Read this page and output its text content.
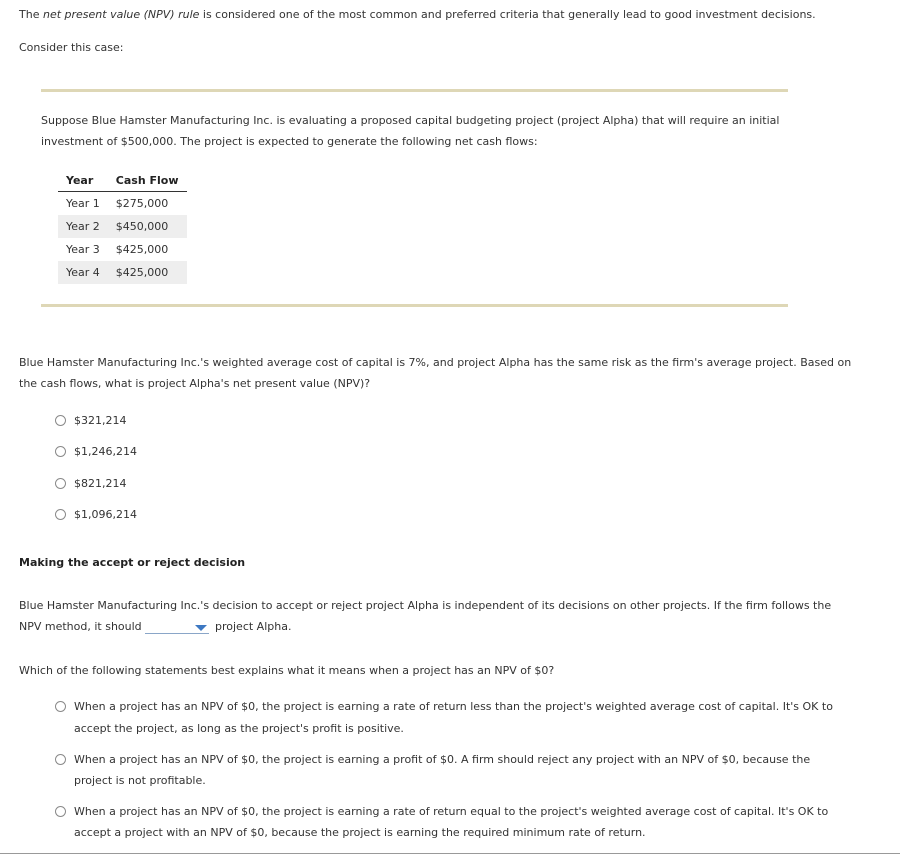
The net present value (NPV) rule is considered one of the most common and preferred criteria that generally lead to good investment decisions.
Consider this case:
Suppose Blue Hamster Manufacturing Inc. is evaluating a proposed capital budgeting project (project Alpha) that will require an initial
investment of $500,000. The project is expected to generate the following net cash flows:
Year	Cash Flow
Year 1	$275,000
Year 2	$450,000
Year 3	$425,000
Year 4	$425,000
Blue Hamster Manufacturing Inc.'s weighted average cost of capital is 7%, and project Alpha has the same risk as the firm's average project. Based on
the cash flows, what is project Alpha's net present value (NPV)?
$321,214
$1,246,214
$821,214
$1,096,214
Making the accept or reject decision
Blue Hamster Manufacturing Inc.'s decision to accept or reject project Alpha is independent of its decisions on other projects. If the firm follows the
NPV method, it should	project Alpha.
Which of the following statements best explains what it means when a project has an NPV of $0?
When a project has an NPV of $0, the project is earning a rate of return less than the project's weighted average cost of capital. It's OK to
accept the project, as long as the project's profit is positive.
When a project has an NPV of $0, the project is earning a profit of $0. A firm should reject any project with an NPV of $0, because the
project is not profitable.
When a project has an NPV of $0, the project is earning a rate of return equal to the project's weighted average cost of capital. It's OK to
accept a project with an NPV of $0, because the project is earning the required minimum rate of return.
